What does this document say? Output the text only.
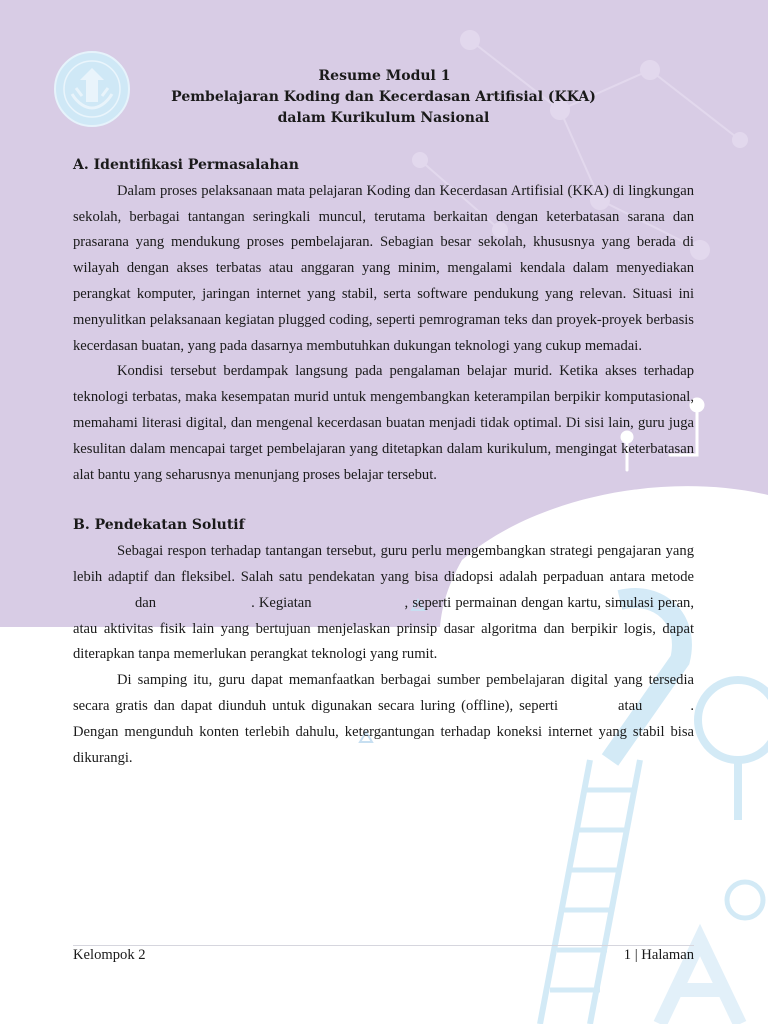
Resume Modul 1
Pembelajaran Koding dan Kecerdasan Artifisial (KKA)
dalam Kurikulum Nasional
A. Identifikasi Permasalahan

Dalam proses pelaksanaan mata pelajaran Koding dan Kecerdasan Artifisial (KKA) di lingkungan sekolah, berbagai tantangan seringkali muncul, terutama berkaitan dengan keterbatasan sarana dan prasarana yang mendukung proses pembelajaran. Sebagian besar sekolah, khususnya yang berada di wilayah dengan akses terbatas atau anggaran yang minim, mengalami kendala dalam menyediakan perangkat komputer, jaringan internet yang stabil, serta software pendukung yang relevan. Situasi ini menyulitkan pelaksanaan kegiatan plugged coding, seperti pemrograman teks dan proyek-proyek berbasis kecerdasan buatan, yang pada dasarnya membutuhkan dukungan teknologi yang cukup memadai.

Kondisi tersebut berdampak langsung pada pengalaman belajar murid. Ketika akses terhadap teknologi terbatas, maka kesempatan murid untuk mengembangkan keterampilan berpikir komputasional, memahami literasi digital, dan mengenal kecerdasan buatan menjadi tidak optimal. Di sisi lain, guru juga kesulitan dalam mencapai target pembelajaran yang ditetapkan dalam kurikulum, mengingat keterbatasan alat bantu yang seharusnya menunjang proses belajar tersebut.

B. Pendekatan Solutif

Sebagai respon terhadap tantangan tersebut, guru perlu mengembangkan strategi pengajaran yang lebih adaptif dan fleksibel. Salah satu pendekatan yang bisa diadopsi adalah perpaduan antara metodedan	. Kegiatan	, seperti permainan dengan kartu, simulasi peran, atau aktivitas fisik lain yang bertujuan menjelaskan prinsip dasar algoritma dan berpikir logis, dapat diterapkan tanpa memerlukan perangkat teknologi yang rumit.

Di samping itu, guru dapat memanfaatkan berbagai sumber pembelajaran digital yang tersedia secara gratis dan dapat diunduh untuk digunakan secara luring (offline), seperti	atau	. Dengan mengunduh konten terlebih dahulu, ketergantungan terhadap koneksi internet yang stabil bisa dikurangi.

Kelompok 2	1 | Halaman
